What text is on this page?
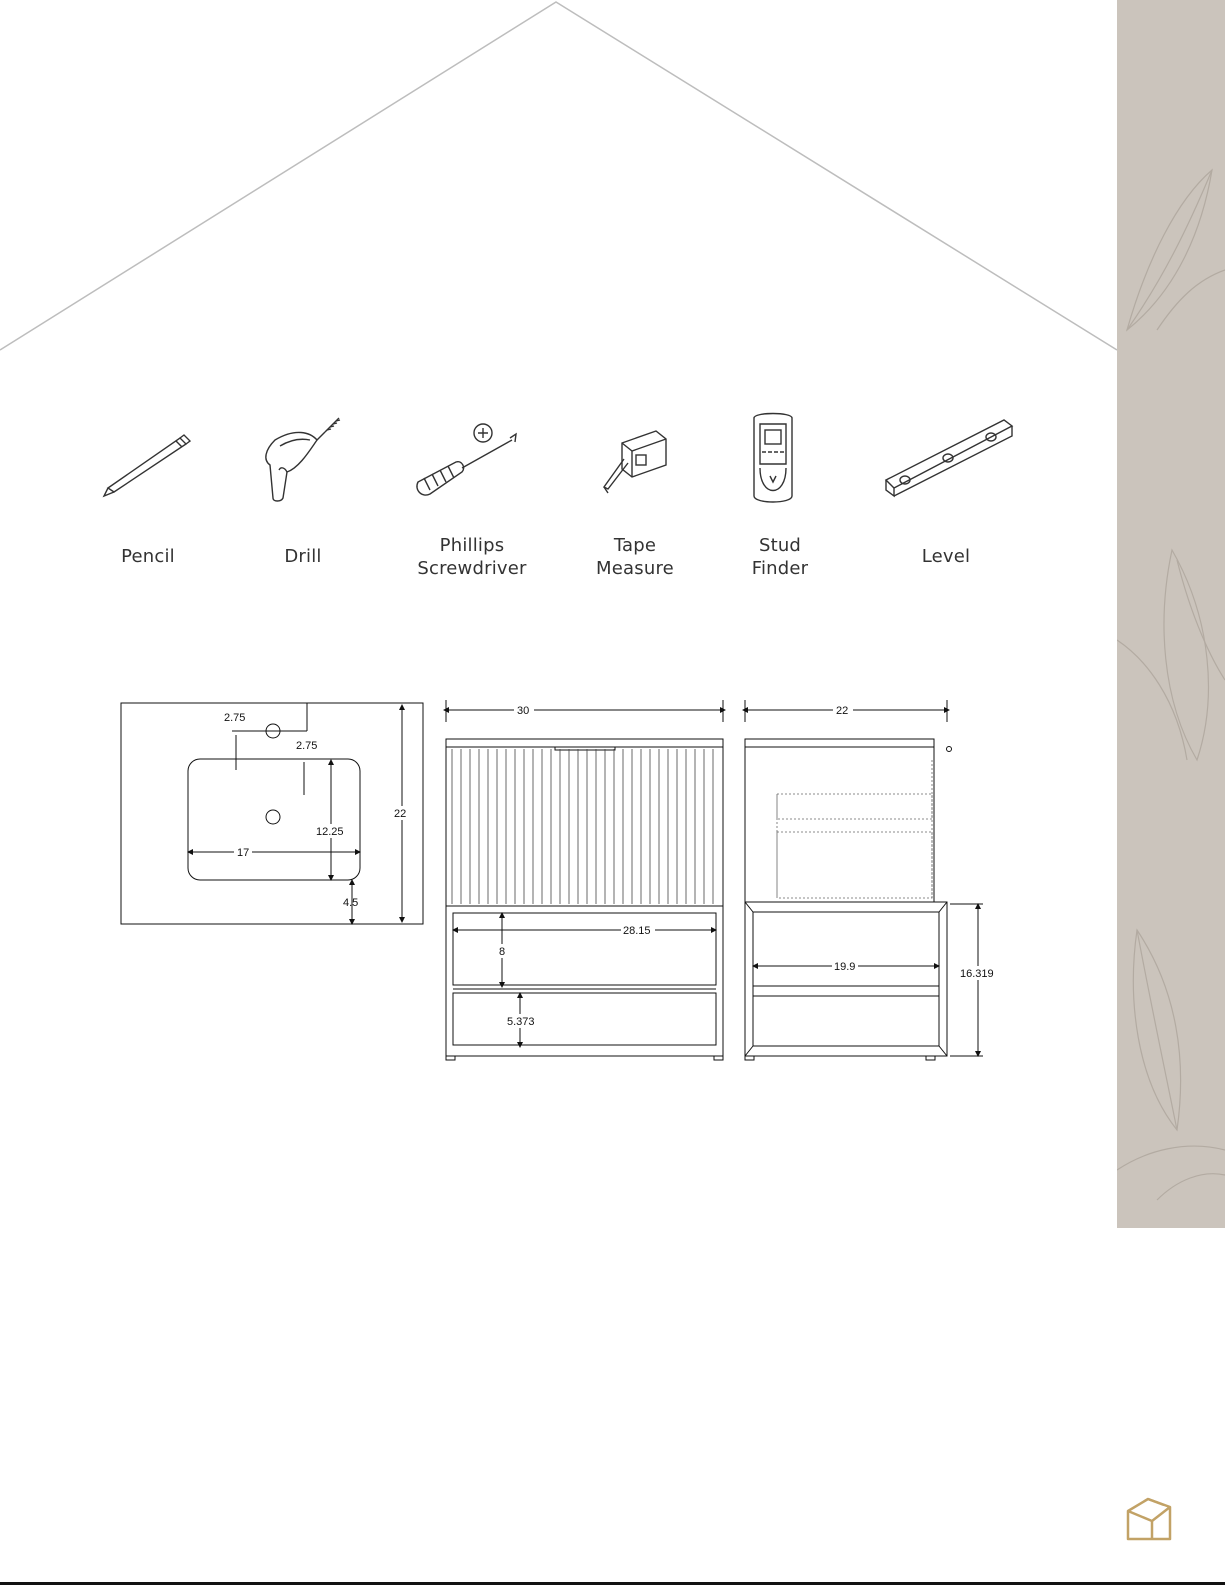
Pencil	Drill
Phillips
Screwdriver
Tape
Measure
Stud
Finder
Level
2.75
2.75
12.25
17
4.5
22
30
28.15
8
5.373
22
19.9
16.319
